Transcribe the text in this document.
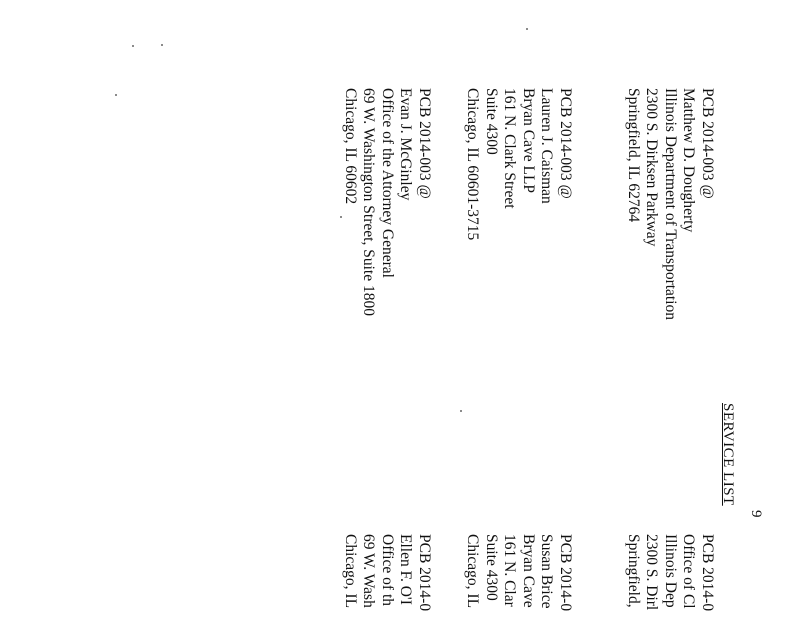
9
SERVICE LIST
PCB 2014-003 @
Matthew D. Dougherty
Illinois Department of Transportation
2300 S. Dirksen Parkway
Springfield, IL 62764
PCB 2014-003 @
Lauren J. Caisman
Bryan Cave LLP
161 N. Clark Street
Suite 4300
Chicago, IL 60601-3715
PCB 2014-003 @
Evan J. McGinley
Office of the Attorney General
69 W. Washington Street, Suite 1800
Chicago, IL 60602
PCB 2014-0
Office of Cl
Illinois Dep
2300 S. Dirl
Springfield,
PCB 2014-0
Susan Brice
Bryan Cave
161 N. Clar
Suite 4300
Chicago, IL
PCB 2014-0
Ellen F. O'I
Office of th
69 W. Wash
Chicago, IL
